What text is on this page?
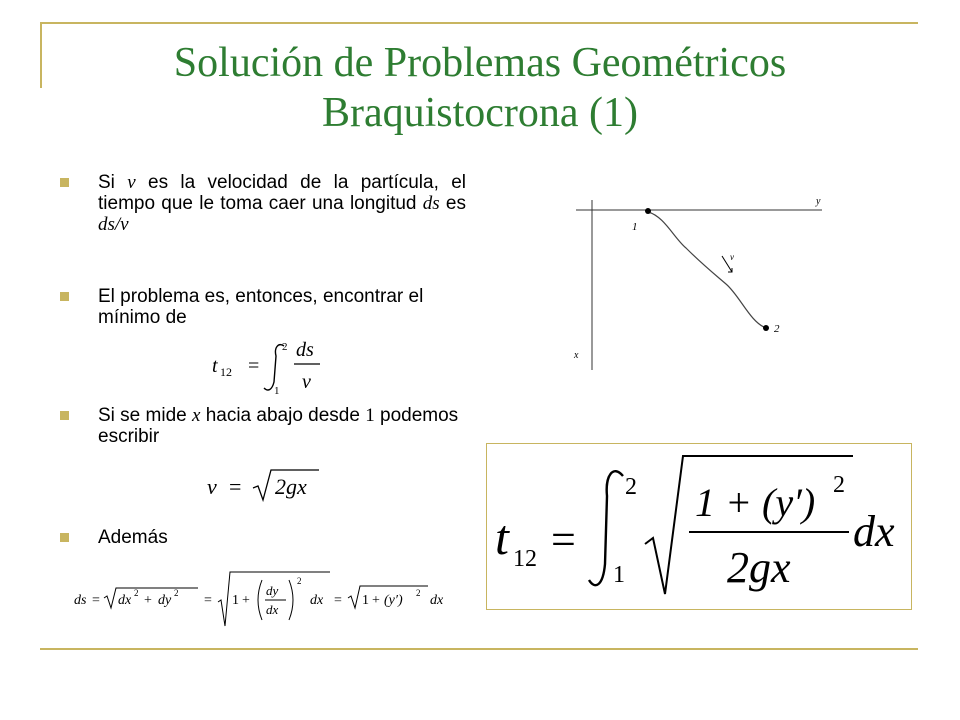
Solución de Problemas Geométricos
Braquistocrona (1)
Si v es la velocidad de la partícula, el tiempo que le toma caer una longitud ds es ds/v
El problema es, entonces, encontrar el mínimo de
Si se mide x hacia abajo desde 1 podemos escribir
Además
t 12 =
2
1
ds
v
v = 2gx
ds = dx 2 + dy 2 = 1 +
dy
dx
2
dx = 1 + (y′) 2 dx
y
x
1
2
v
t 12 =
2
1
1 + (y′) 2
2gx
dx
